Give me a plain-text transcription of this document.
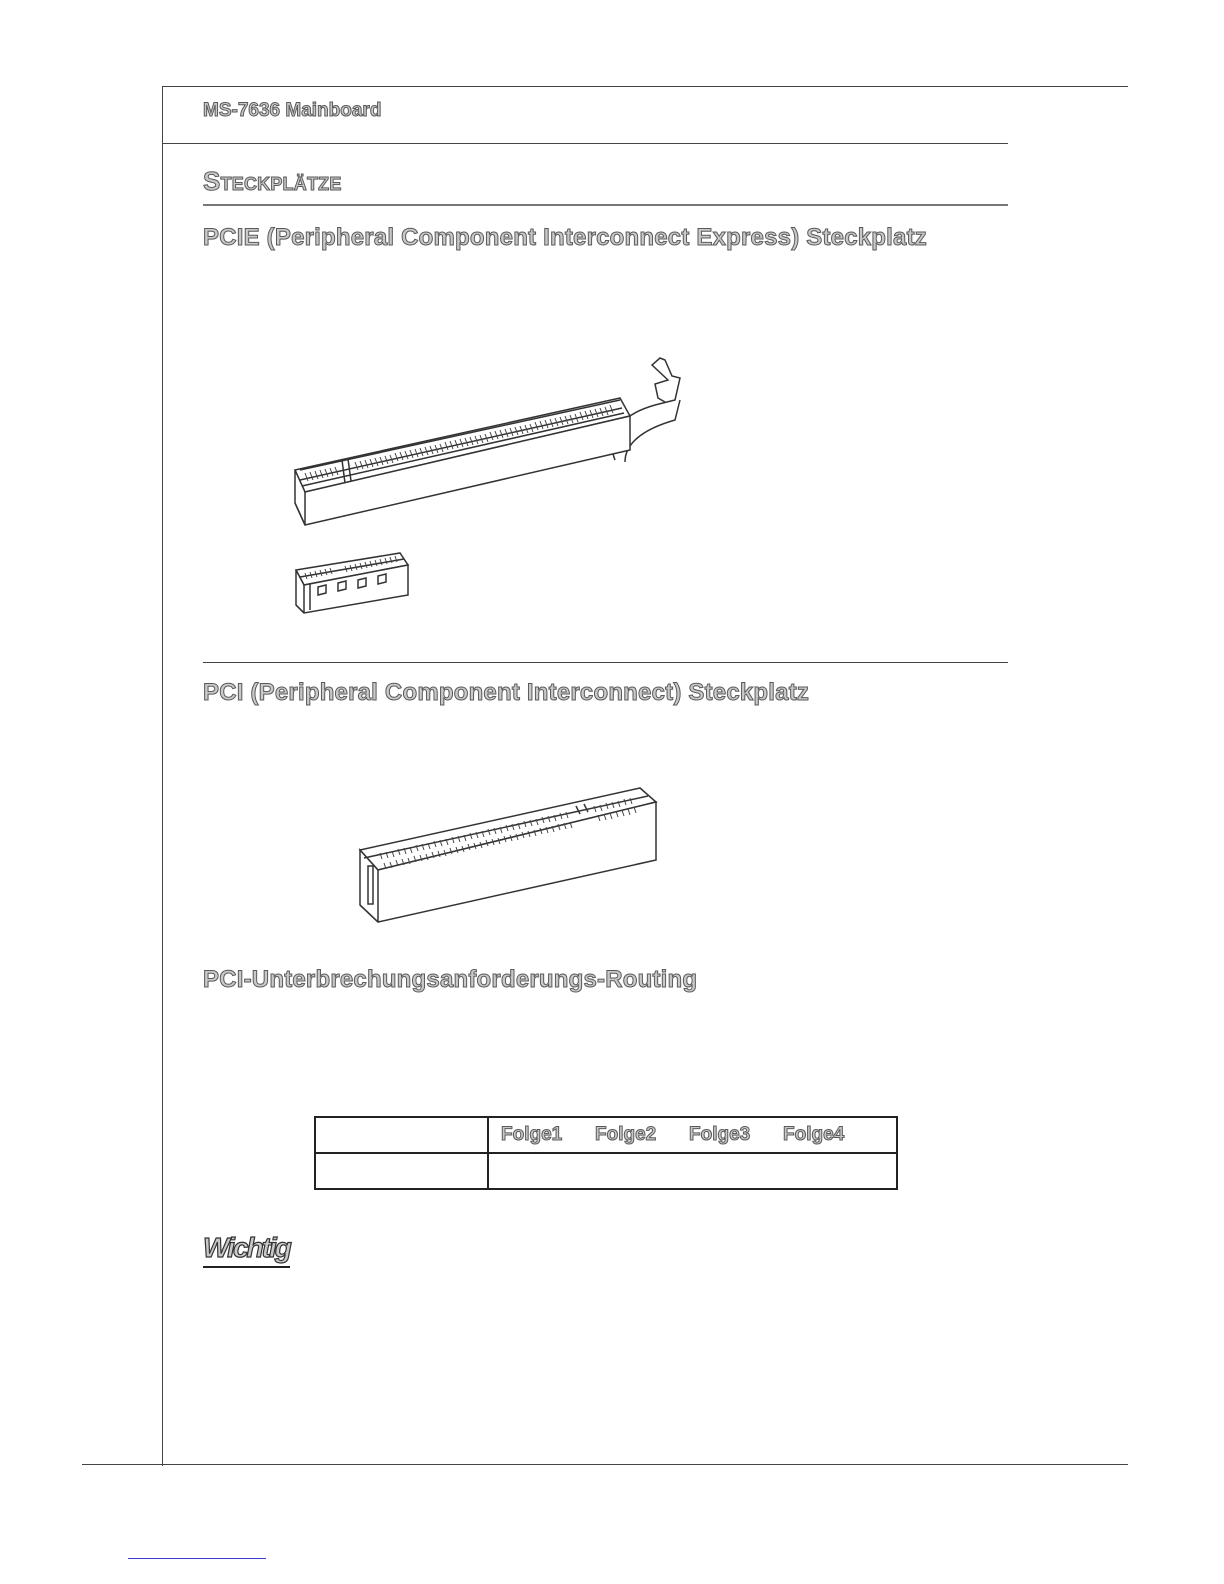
MS-7636 Mainboard
Steckplätze
PCIE (Peripheral Component Interconnect Express) Steckplatz
PCI (Peripheral Component Interconnect) Steckplatz
PCI-Unterbrechungsanforderungs-Routing

	Folge1 Folge2 Folge3 Folge4

Wichtig
